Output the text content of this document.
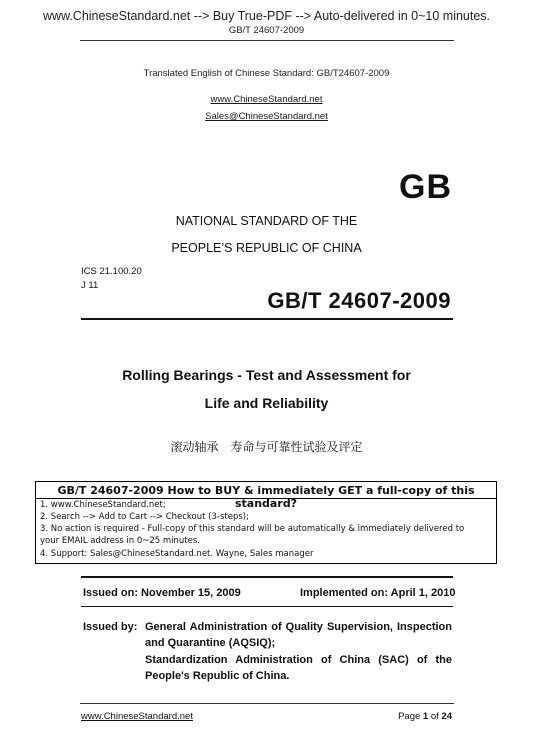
www.ChineseStandard.net --> Buy True-PDF --> Auto-delivered in 0~10 minutes.
GB/T 24607-2009
Translated English of Chinese Standard: GB/T24607-2009
www.ChineseStandard.net
Sales@ChineseStandard.net
GB
NATIONAL STANDARD OF THE
PEOPLE’S REPUBLIC OF CHINA
ICS 21.100.20
J 11
GB/T 24607-2009
Rolling Bearings - Test and Assessment for
Life and Reliability
滚动轴承　寿命与可靠性试验及评定
GB/T 24607-2009 How to BUY & immediately GET a full-copy of this standard?
1. www.ChineseStandard.net;
2. Search --> Add to Cart --> Checkout (3-steps);
3. No action is required - Full-copy of this standard will be automatically & immediately delivered to
your EMAIL address in 0~25 minutes.
4. Support: Sales@ChineseStandard.net. Wayne, Sales manager
Issued on: November 15, 2009	Implemented on: April 1, 2010
Issued by: General Administration of Quality Supervision, Inspection and Quarantine (AQSIQ);
Standardization Administration of China (SAC) of the People's Republic of China.
www.ChineseStandard.net	Page 1 of 24
